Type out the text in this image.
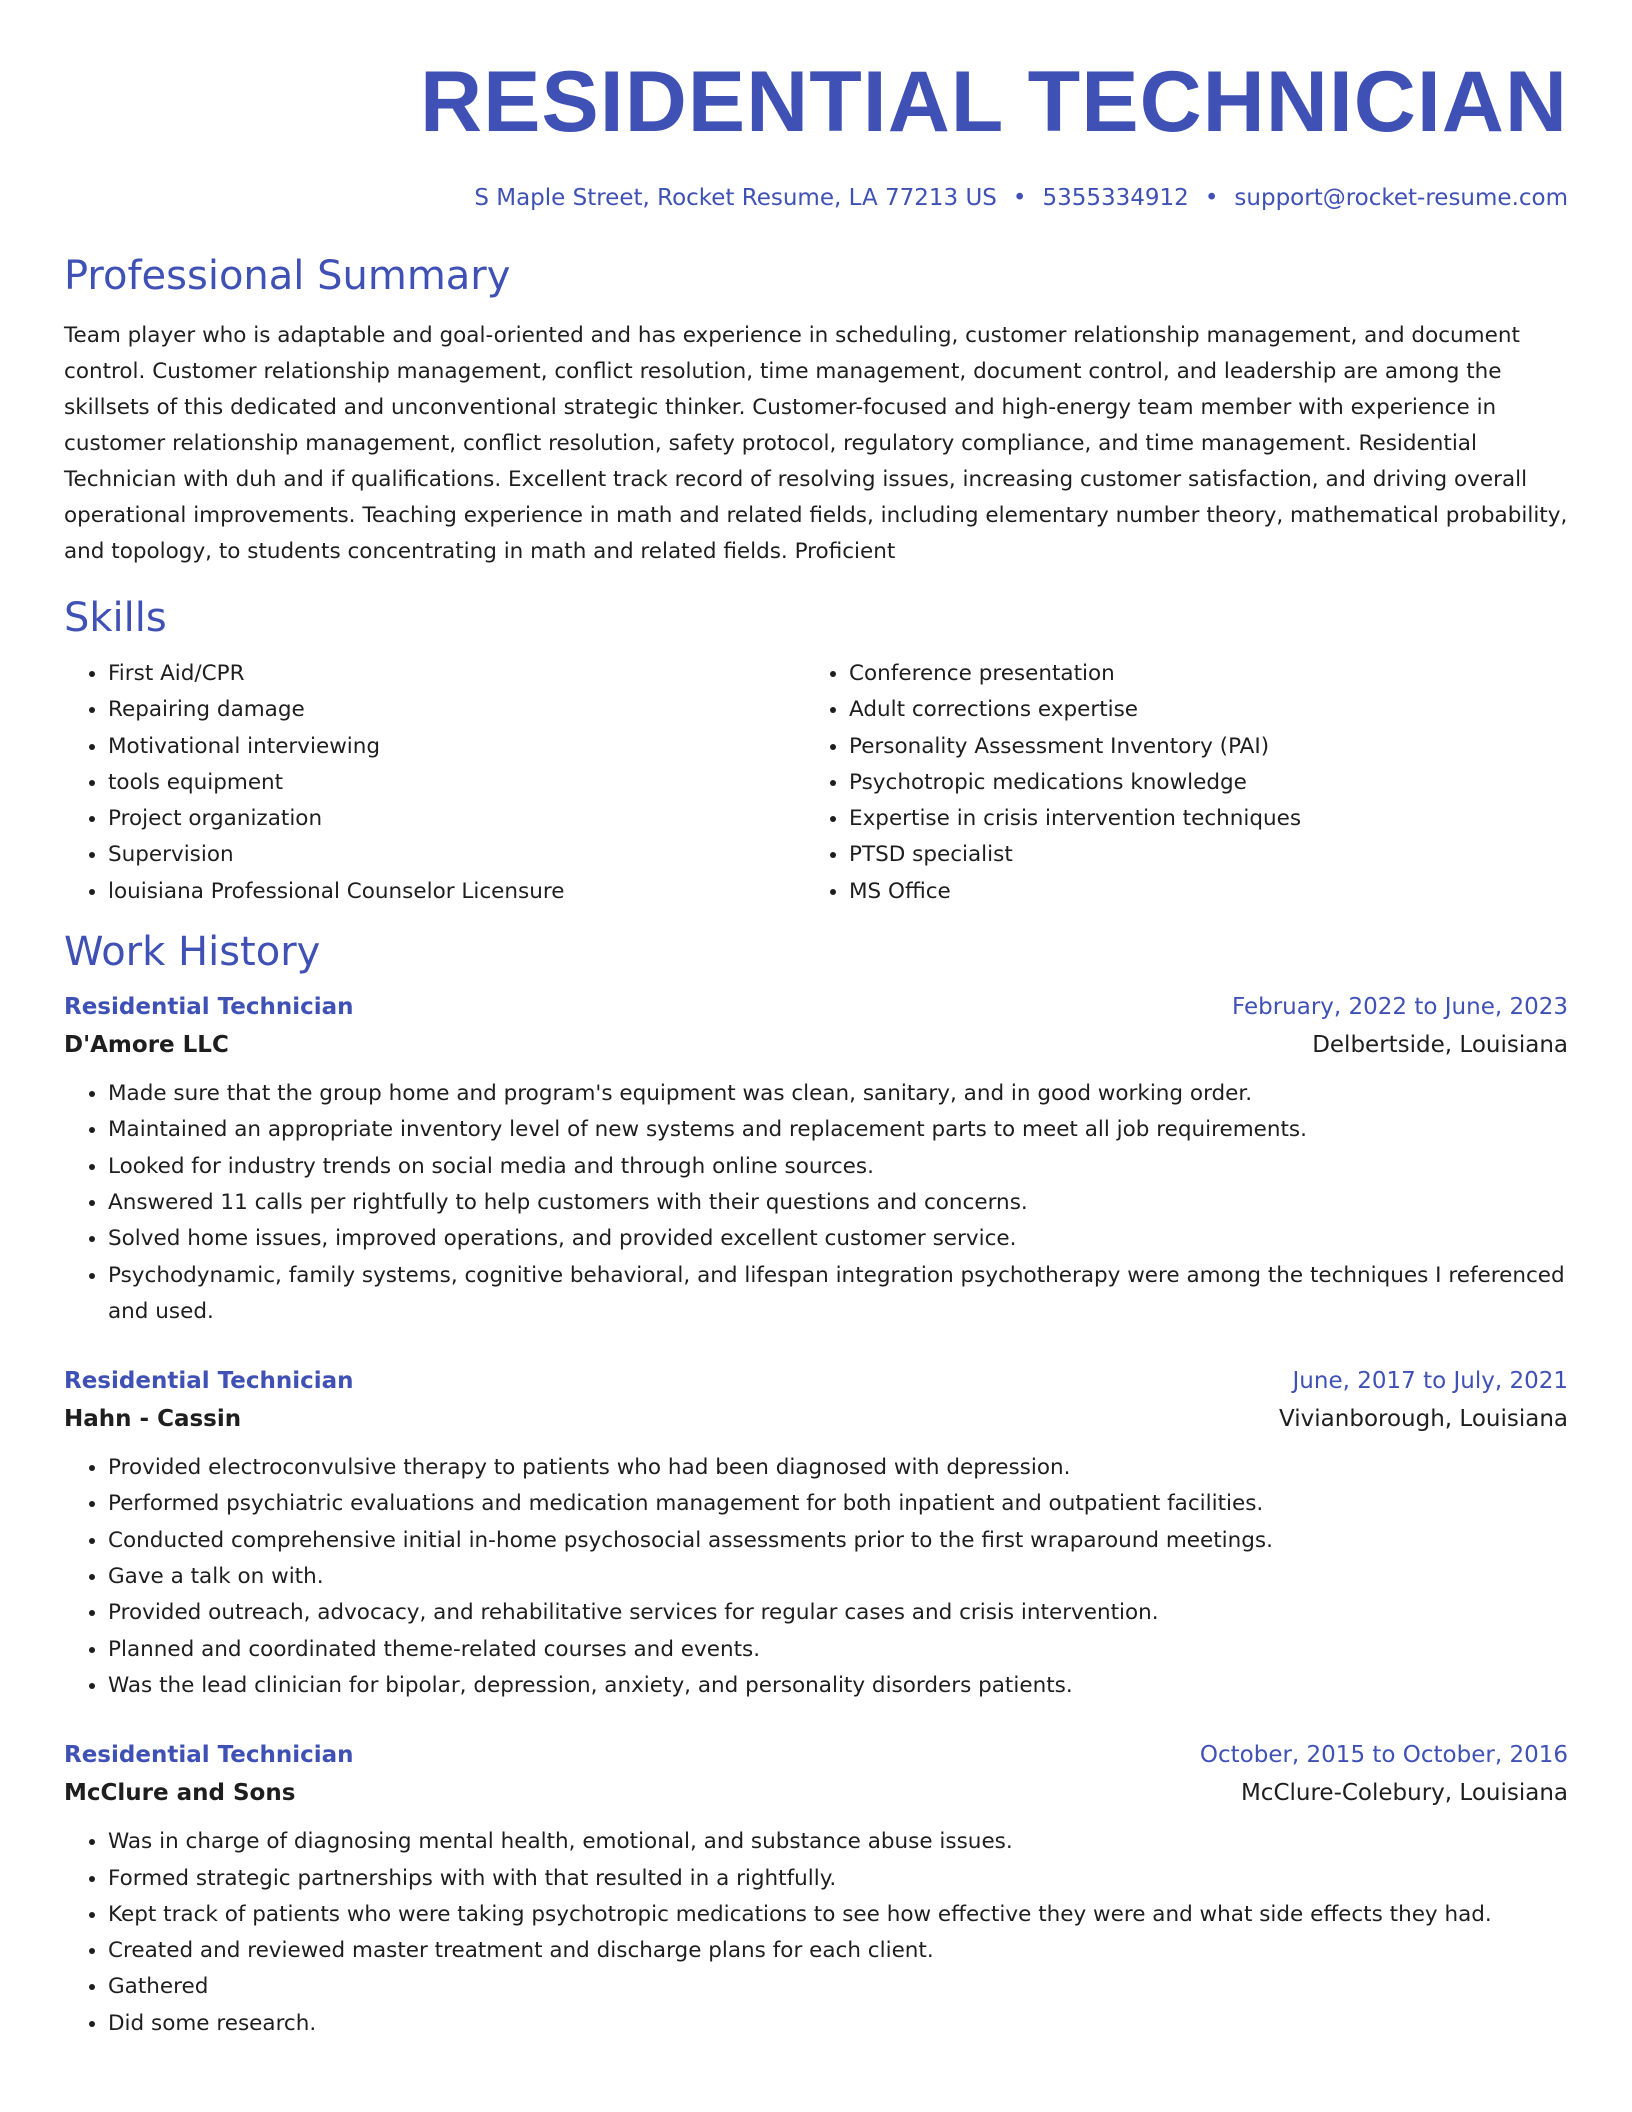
RESIDENTIAL TECHNICIAN
S Maple Street, Rocket Resume, LA 77213 US • 5355334912 • support@rocket-resume.com
Professional Summary

Team player who is adaptable and goal-oriented and has experience in scheduling, customer relationship management, and document control. Customer relationship management, conflict resolution, time management, document control, and leadership are among the skillsets of this dedicated and unconventional strategic thinker. Customer-focused and high-energy team member with experience in customer relationship management, conflict resolution, safety protocol, regulatory compliance, and time management. Residential Technician with duh and if qualifications. Excellent track record of resolving issues, increasing customer satisfaction, and driving overall operational improvements. Teaching experience in math and related fields, including elementary number theory, mathematical probability, and topology, to students concentrating in math and related fields. Proficient

Skills
• First Aid/CPR
• Repairing damage
• Motivational interviewing
• tools equipment
• Project organization
• Supervision
• louisiana Professional Counselor Licensure
• Conference presentation
• Adult corrections expertise
• Personality Assessment Inventory (PAI)
• Psychotropic medications knowledge
• Expertise in crisis intervention techniques
• PTSD specialist
• MS Office
Work History
Residential Technician	February, 2022 to June, 2023
D'Amore LLC	Delbertside, Louisiana
• Made sure that the group home and program's equipment was clean, sanitary, and in good working order.
• Maintained an appropriate inventory level of new systems and replacement parts to meet all job requirements.
• Looked for industry trends on social media and through online sources.
• Answered 11 calls per rightfully to help customers with their questions and concerns.
• Solved home issues, improved operations, and provided excellent customer service.
• Psychodynamic, family systems, cognitive behavioral, and lifespan integration psychotherapy were among the techniques I referenced and used.
Residential Technician	June, 2017 to July, 2021
Hahn - Cassin	Vivianborough, Louisiana
• Provided electroconvulsive therapy to patients who had been diagnosed with depression.
• Performed psychiatric evaluations and medication management for both inpatient and outpatient facilities.
• Conducted comprehensive initial in-home psychosocial assessments prior to the first wraparound meetings.
• Gave a talk on with.
• Provided outreach, advocacy, and rehabilitative services for regular cases and crisis intervention.
• Planned and coordinated theme-related courses and events.
• Was the lead clinician for bipolar, depression, anxiety, and personality disorders patients.
Residential Technician	October, 2015 to October, 2016
McClure and Sons	McClure-Colebury, Louisiana
• Was in charge of diagnosing mental health, emotional, and substance abuse issues.
• Formed strategic partnerships with with that resulted in a rightfully.
• Kept track of patients who were taking psychotropic medications to see how effective they were and what side effects they had.
• Created and reviewed master treatment and discharge plans for each client.
• Gathered
• Did some research.
